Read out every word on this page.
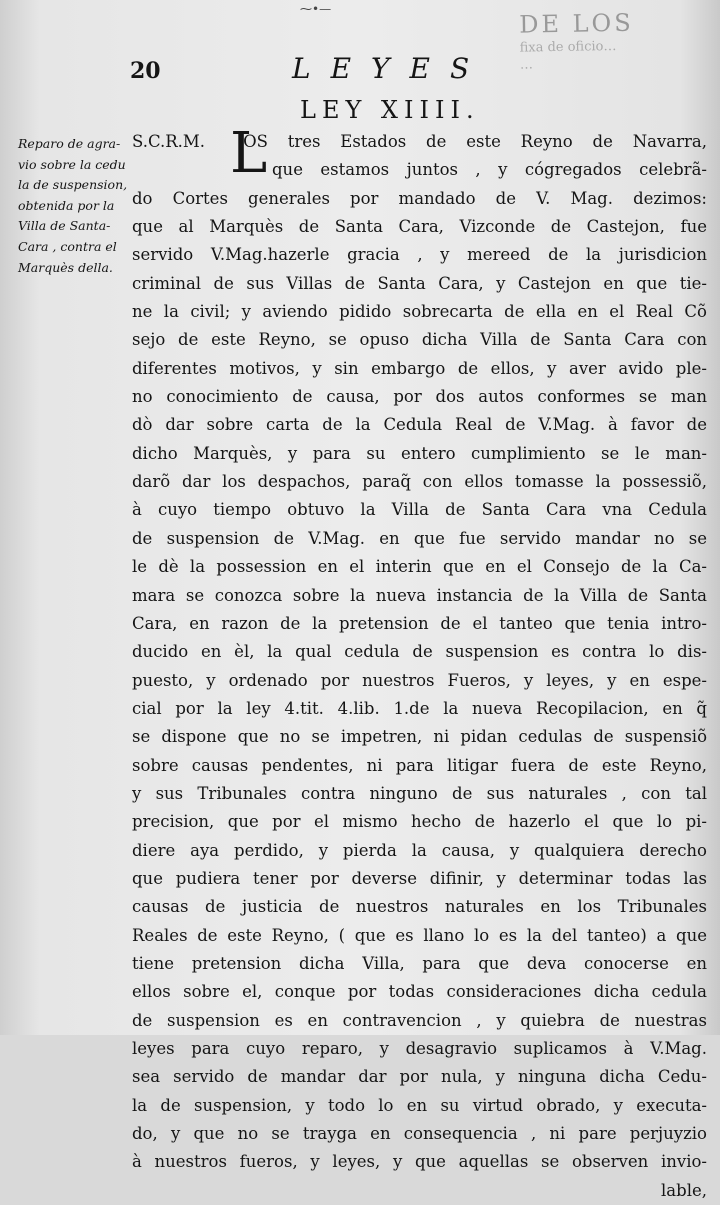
DE LOS
fixa de oficio…
…
⁓•—
20	LEYES
LEY XIIII.
Reparo de agra-
vio sobre la cedu
la de suspension,
obtenida por la
Villa de Santa-
Cara , contra el
Marquès della.
L
S.C.R.M. OS tres Estados de este Reyno de Navarra,
que estamos juntos , y cógregados celebrã-
do Cortes generales por mandado de V. Mag. dezimos:
que al Marquès de Santa Cara, Vizconde de Castejon, fue
servido V.Mag.hazerle gracia , y mereed de la jurisdicion
criminal de sus Villas de Santa Cara, y Castejon en que tie-
ne la civil; y aviendo pidido sobrecarta de ella en el Real Cõ
sejo de este Reyno, se opuso dicha Villa de Santa Cara con
diferentes motivos, y sin embargo de ellos, y aver avido ple-
no conocimiento de causa, por dos autos conformes se man
dò dar sobre carta de la Cedula Real de V.Mag. à favor de
dicho Marquès, y para su entero cumplimiento se le man-
darõ dar los despachos, paraq̃ con ellos tomasse la possessiõ,
à cuyo tiempo obtuvo la Villa de Santa Cara vna Cedula
de suspension de V.Mag. en que fue servido mandar no se
le dè la possession en el interin que en el Consejo de la Ca-
mara se conozca sobre la nueva instancia de la Villa de Santa
Cara, en razon de la pretension de el tanteo que tenia intro-
ducido en èl, la qual cedula de suspension es contra lo dis-
puesto, y ordenado por nuestros Fueros, y leyes, y en espe-
cial por la ley 4.tit. 4.lib. 1.de la nueva Recopilacion, en q̃
se dispone que no se impetren, ni pidan cedulas de suspensiõ
sobre causas pendentes, ni para litigar fuera de este Reyno,
y sus Tribunales contra ninguno de sus naturales , con tal
precision, que por el mismo hecho de hazerlo el que lo pi-
diere aya perdido, y pierda la causa, y qualquiera derecho
que pudiera tener por deverse difinir, y determinar todas las
causas de justicia de nuestros naturales en los Tribunales
Reales de este Reyno, ( que es llano lo es la del tanteo) a que
tiene pretension dicha Villa, para que deva conocerse en
ellos sobre el, conque por todas consideraciones dicha cedula
de suspension es en contravencion , y quiebra de nuestras
leyes para cuyo reparo, y desagravio suplicamos à V.Mag.
sea servido de mandar dar por nula, y ninguna dicha Cedu-
la de suspension, y todo lo en su virtud obrado, y executa-
do, y que no se trayga en consequencia , ni pare perjuyzio
à nuestros fueros, y leyes, y que aquellas se observen invio-
lable,
